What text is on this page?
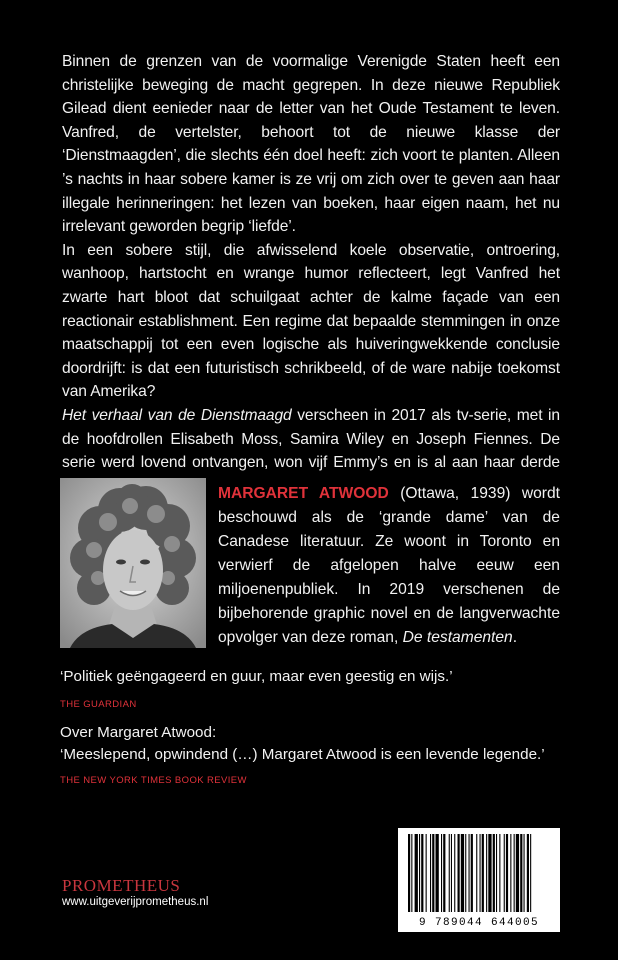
Binnen de grenzen van de voormalige Verenigde Staten heeft een christelijke beweging de macht gegrepen. In deze nieuwe Republiek Gilead dient eenieder naar de letter van het Oude Testament te leven. Vanfred, de vertelster, behoort tot de nieuwe klasse der ‘Dienstmaagden’, die slechts één doel heeft: zich voort te planten. Alleen ’s nachts in haar sobere kamer is ze vrij om zich over te geven aan haar illegale herinneringen: het lezen van boeken, haar eigen naam, het nu irrelevant geworden begrip ‘liefde’.

In een sobere stijl, die afwisselend koele observatie, ontroering, wanhoop, hartstocht en wrange humor reflecteert, legt Vanfred het zwarte hart bloot dat schuilgaat achter de kalme façade van een reactionair establishment. Een regime dat bepaalde stemmingen in onze maatschappij tot een even logische als huiveringwekkende conclusie doordrijft: is dat een futuristisch schrikbeeld, of de ware nabije toekomst van Amerika?

Het verhaal van de Dienstmaagd verscheen in 2017 als tv-serie, met in de hoofdrollen Elisabeth Moss, Samira Wiley en Joseph Fiennes. De serie werd lovend ontvangen, won vijf Emmy’s en is al aan haar derde

MARGARET ATWOOD (Ottawa, 1939) wordt beschouwd als de ‘grande dame’ van de Canadese literatuur. Ze woont in Toronto en verwierf de afgelopen halve eeuw een miljoenenpubliek. In 2019 verschenen de bijbehorende graphic novel en de langverwachte opvolger van deze roman, De testamenten.
‘Politiek geëngageerd en guur, maar even geestig en wijs.’
THE GUARDIAN
Over Margaret Atwood:
‘Meeslepend, opwindend (…) Margaret Atwood is een levende legende.’
THE NEW YORK TIMES BOOK REVIEW
PROMETHEUS
www.uitgeverijprometheus.nl
9 789044 644005
